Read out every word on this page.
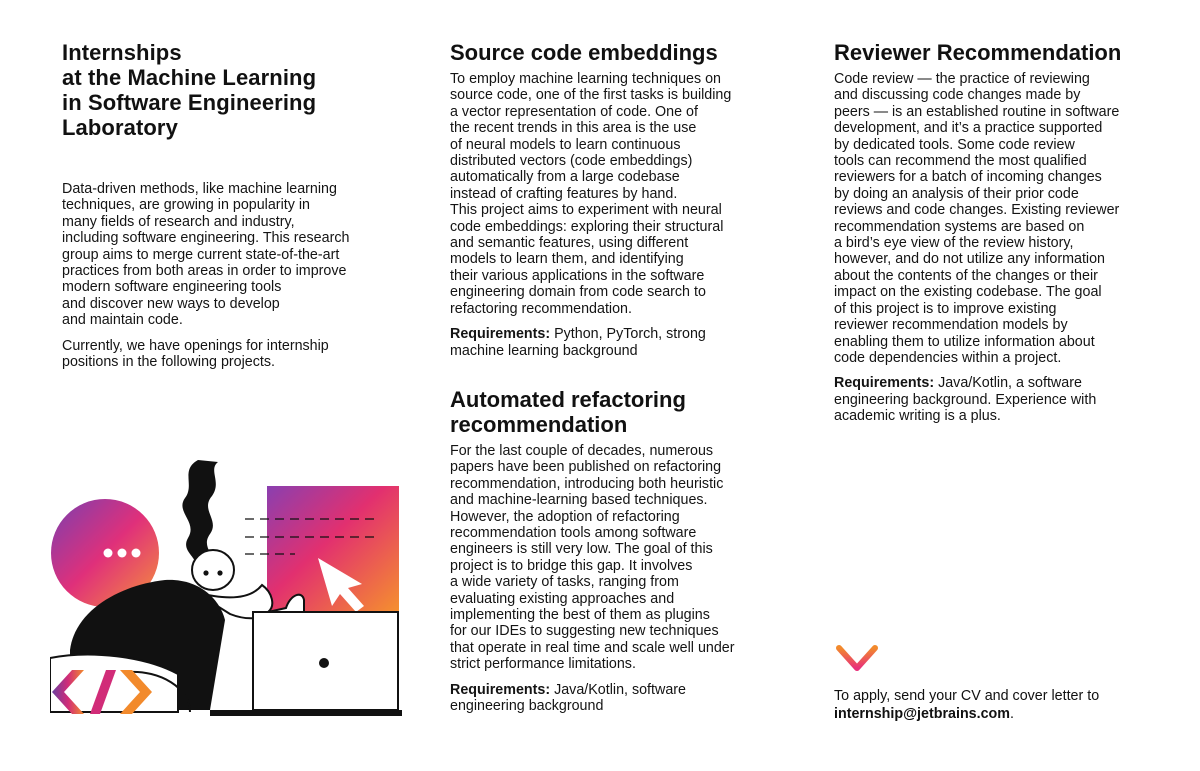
Internships
at the Machine Learning
in Software Engineering
Laboratory

Data-driven methods, like machine learning
techniques, are growing in popularity in
many fields of research and industry,
including software engineering. This research
group aims to merge current state-of-the-art
practices from both areas in order to improve
modern software engineering tools
and discover new ways to develop
and maintain code.

Currently, we have openings for internship
positions in the following projects.

Source code embeddings

To employ machine learning techniques on
source code, one of the first tasks is building
a vector representation of code. One of
the recent trends in this area is the use
of neural models to learn continuous
distributed vectors (code embeddings)
automatically from a large codebase
instead of crafting features by hand.
This project aims to experiment with neural
code embeddings: exploring their structural
and semantic features, using different
models to learn them, and identifying
their various applications in the software
engineering domain from code search to
refactoring recommendation.

Requirements: Python, PyTorch, strong
machine learning background

Automated refactoring
recommendation

For the last couple of decades, numerous
papers have been published on refactoring
recommendation, introducing both heuristic
and machine-learning based techniques.
However, the adoption of refactoring
recommendation tools among software
engineers is still very low. The goal of this
project is to bridge this gap. It involves
a wide variety of tasks, ranging from
evaluating existing approaches and
implementing the best of them as plugins
for our IDEs to suggesting new techniques
that operate in real time and scale well under
strict performance limitations.

Requirements: Java/Kotlin, software
engineering background

Reviewer Recommendation

Code review — the practice of reviewing
and discussing code changes made by
peers — is an established routine in software
development, and it’s a practice supported
by dedicated tools. Some code review
tools can recommend the most qualified
reviewers for a batch of incoming changes
by doing an analysis of their prior code
reviews and code changes. Existing reviewer
recommendation systems are based on
a bird’s eye view of the review history,
however, and do not utilize any information
about the contents of the changes or their
impact on the existing codebase. The goal
of this project is to improve existing
reviewer recommendation models by
enabling them to utilize information about
code dependencies within a project.

Requirements: Java/Kotlin, a software
engineering background. Experience with
academic writing is a plus.

To apply, send your CV and cover letter to
internship@jetbrains.com.
